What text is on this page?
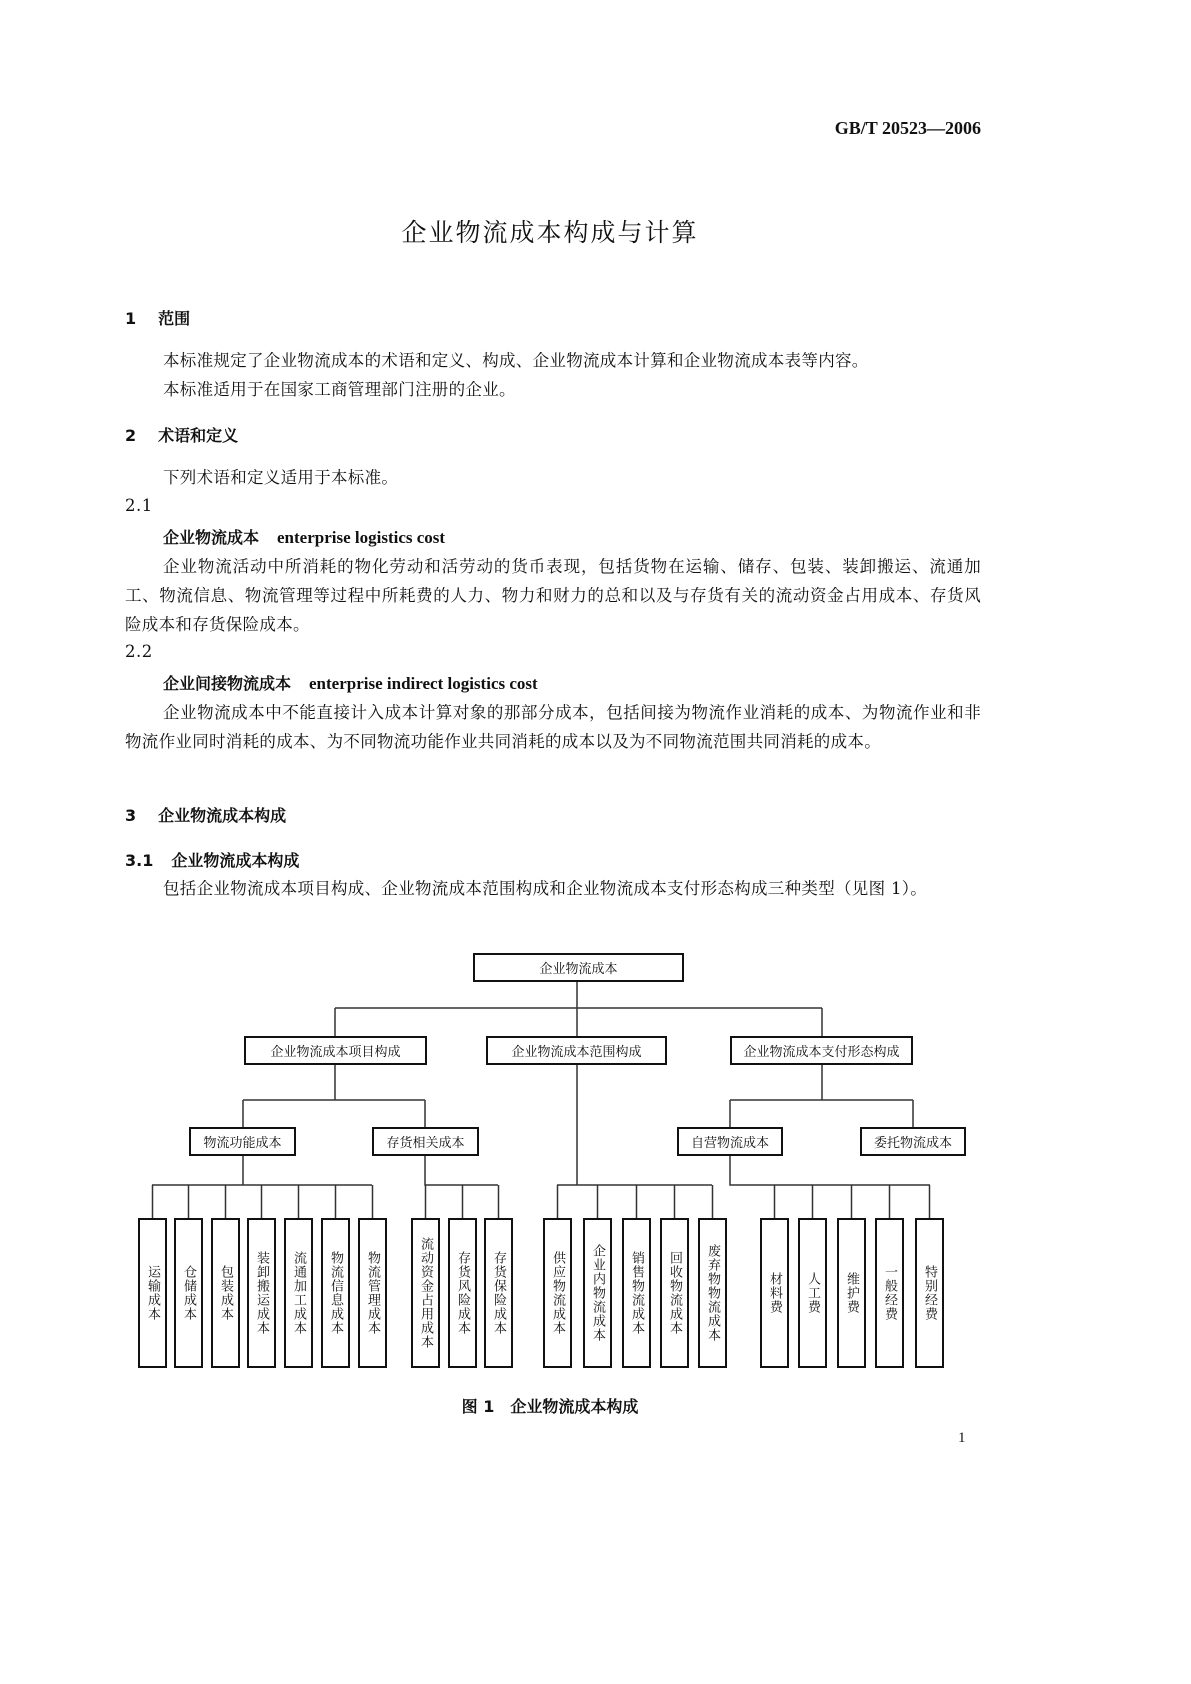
GB/T 20523—2006
企业物流成本构成与计算
1 范围
本标准规定了企业物流成本的术语和定义、构成、企业物流成本计算和企业物流成本表等内容。
本标准适用于在国家工商管理部门注册的企业。
2 术语和定义
下列术语和定义适用于本标准。
2.1
企业物流成本 enterprise logistics cost
企业物流活动中所消耗的物化劳动和活劳动的货币表现，包括货物在运输、储存、包装、装卸搬运、流通加工、物流信息、物流管理等过程中所耗费的人力、物力和财力的总和以及与存货有关的流动资金占用成本、存货风险成本和存货保险成本。
2.2
企业间接物流成本 enterprise indirect logistics cost
企业物流成本中不能直接计入成本计算对象的那部分成本，包括间接为物流作业消耗的成本、为物流作业和非物流作业同时消耗的成本、为不同物流功能作业共同消耗的成本以及为不同物流范围共同消耗的成本。
3 企业物流成本构成
3.1 企业物流成本构成
包括企业物流成本项目构成、企业物流成本范围构成和企业物流成本支付形态构成三种类型（见图 1）。
企业物流成本
企业物流成本项目构成	企业物流成本范围构成	企业物流成本支付形态构成
物流功能成本	存货相关成本	自营物流成本	委托物流成本
运输成本 仓储成本 包装成本 装卸搬运成本 流通加工成本 物流信息成本 物流管理成本	流动资金占用成本 存货风险成本 存货保险成本	供应物流成本 企业内物流成本 销售物流成本 回收物流成本 废弃物物流成本	材料费 人工费 维护费 一般经费 特别经费
图 1　企业物流成本构成
1
